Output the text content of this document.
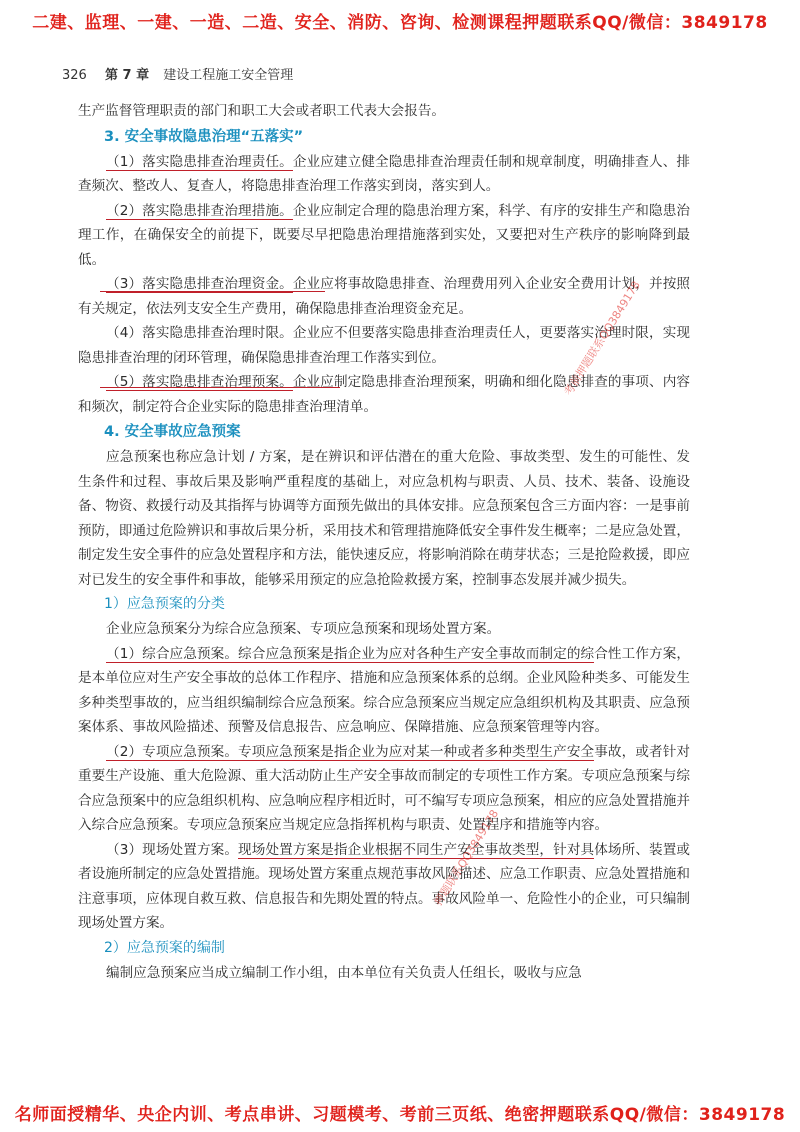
二建、监理、一建、一造、二造、安全、消防、咨询、检测课程押题联系QQ/微信：3849178
326 第 7 章 建设工程施工安全管理

生产监督管理职责的部门和职工大会或者职工代表大会报告。

3. 安全事故隐患治理“五落实”

（1）落实隐患排查治理责任。企业应建立健全隐患排查治理责任制和规章制度，明确排查人、排查频次、整改人、复查人，将隐患排查治理工作落实到岗，落实到人。

（2）落实隐患排查治理措施。企业应制定合理的隐患治理方案，科学、有序的安排生产和隐患治理工作，在确保安全的前提下，既要尽早把隐患治理措施落到实处，又要把对生产秩序的影响降到最低。

（3）落实隐患排查治理资金。企业应将事故隐患排查、治理费用列入企业安全费用计划，并按照有关规定，依法列支安全生产费用，确保隐患排查治理资金充足。

（4）落实隐患排查治理时限。企业应不但要落实隐患排查治理责任人，更要落实治理时限，实现隐患排查治理的闭环管理，确保隐患排查治理工作落实到位。

（5）落实隐患排查治理预案。企业应制定隐患排查治理预案，明确和细化隐患排查的事项、内容和频次，制定符合企业实际的隐患排查治理清单。

4. 安全事故应急预案

应急预案也称应急计划 / 方案，是在辨识和评估潜在的重大危险、事故类型、发生的可能性、发生条件和过程、事故后果及影响严重程度的基础上，对应急机构与职责、人员、技术、装备、设施设备、物资、救援行动及其指挥与协调等方面预先做出的具体安排。应急预案包含三方面内容：一是事前预防，即通过危险辨识和事故后果分析，采用技术和管理措施降低安全事件发生概率；二是应急处置，制定发生安全事件的应急处置程序和方法，能快速反应，将影响消除在萌芽状态；三是抢险救援，即应对已发生的安全事件和事故，能够采用预定的应急抢险救援方案，控制事态发展并减少损失。

1）应急预案的分类

企业应急预案分为综合应急预案、专项应急预案和现场处置方案。

（1）综合应急预案。综合应急预案是指企业为应对各种生产安全事故而制定的综合性工作方案，是本单位应对生产安全事故的总体工作程序、措施和应急预案体系的总纲。企业风险种类多、可能发生多种类型事故的，应当组织编制综合应急预案。综合应急预案应当规定应急组织机构及其职责、应急预案体系、事故风险描述、预警及信息报告、应急响应、保障措施、应急预案管理等内容。

（2）专项应急预案。专项应急预案是指企业为应对某一种或者多种类型生产安全事故，或者针对重要生产设施、重大危险源、重大活动防止生产安全事故而制定的专项性工作方案。专项应急预案与综合应急预案中的应急组织机构、应急响应程序相近时，可不编写专项应急预案，相应的应急处置措施并入综合应急预案。专项应急预案应当规定应急指挥机构与职责、处置程序和措施等内容。

（3）现场处置方案。现场处置方案是指企业根据不同生产安全事故类型，针对具体场所、装置或者设施所制定的应急处置措施。现场处置方案重点规范事故风险描述、应急工作职责、应急处置措施和注意事项，应体现自救互救、信息报告和先期处置的特点。事故风险单一、危险性小的企业，可只编制现场处置方案。

2）应急预案的编制

编制应急预案应当成立编制工作小组，由本单位有关负责人任组长，吸收与应急

考前押题联系QQ3849178
押题联系QQ3849178
名师面授精华、央企内训、考点串讲、习题模考、考前三页纸、绝密押题联系QQ/微信：3849178
